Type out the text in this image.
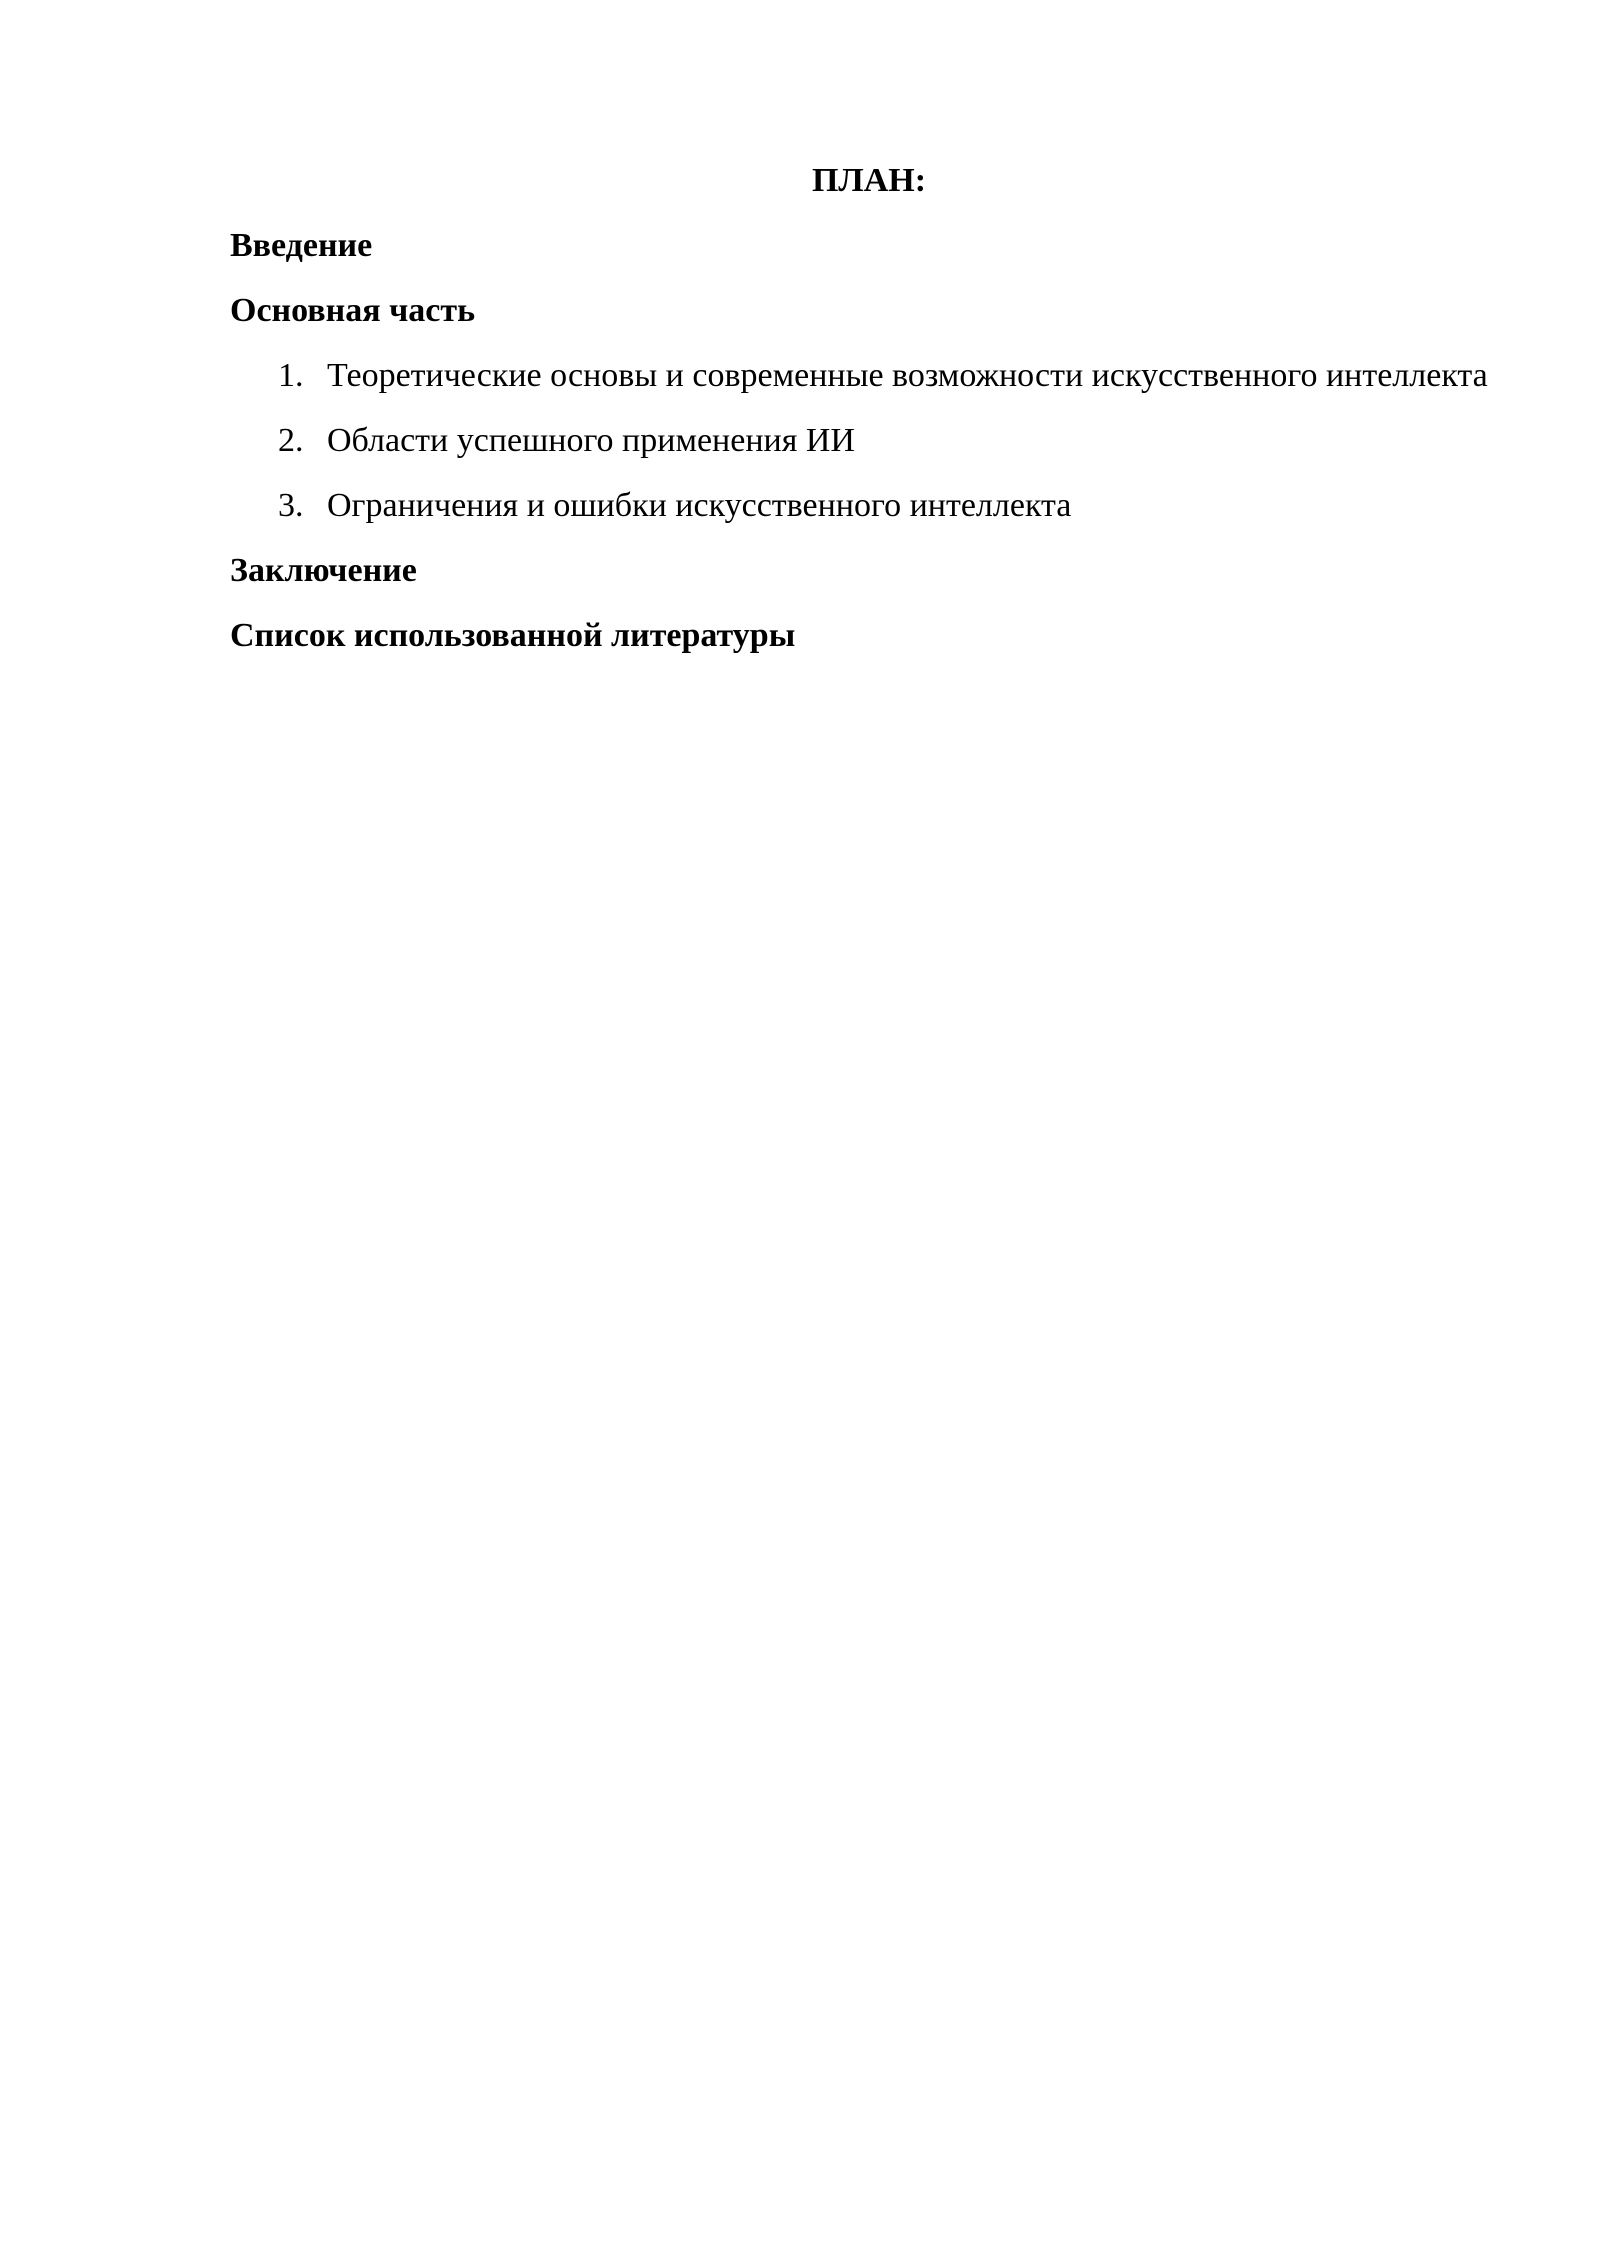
ПЛАН:

Введение

Основная часть

1. Теоретические основы и современные возможности искусственного интеллекта
2. Области успешного применения ИИ
3. Ограничения и ошибки искусственного интеллекта

Заключение

Список использованной литературы
